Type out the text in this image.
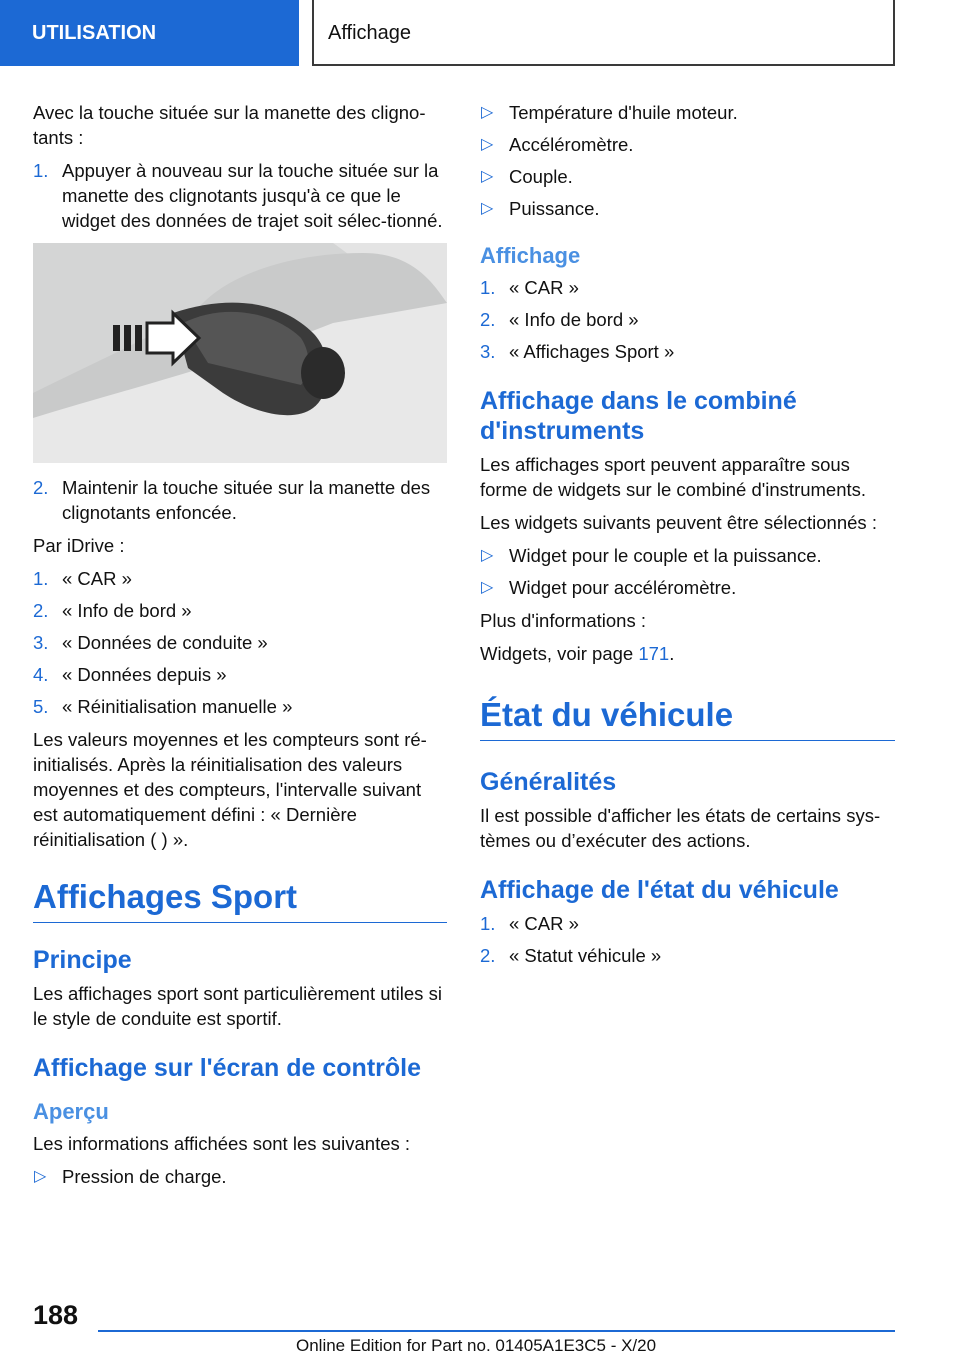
UTILISATION	Affichage

Avec la touche située sur la manette des cligno-tants :

1. Appuyer à nouveau sur la touche située sur la manette des clignotants jusqu'à ce que le widget des données de trajet soit sélec-tionné.
2. Maintenir la touche située sur la manette des clignotants enfoncée.

Par iDrive :

1. « CAR »
2. « Info de bord »
3. « Données de conduite »
4. « Données depuis »
5. « Réinitialisation manuelle »

Les valeurs moyennes et les compteurs sont ré-initialisés. Après la réinitialisation des valeurs moyennes et des compteurs, l'intervalle suivant est automatiquement défini : « Dernière réinitialisation ( ) ».

Affichages Sport
Principe

Les affichages sport sont particulièrement utiles si le style de conduite est sportif.

Affichage sur l'écran de contrôle
Aperçu

Les informations affichées sont les suivantes :

▷ Pression de charge.
▷ Température d'huile moteur.
▷ Accéléromètre.
▷ Couple.
▷ Puissance.
Affichage
1. « CAR »
2. « Info de bord »
3. « Affichages Sport »
Affichage dans le combiné d'instruments

Les affichages sport peuvent apparaître sous forme de widgets sur le combiné d'instruments.

Les widgets suivants peuvent être sélectionnés :

▷ Widget pour le couple et la puissance.
▷ Widget pour accéléromètre.

Plus d'informations :

Widgets, voir page 171.

État du véhicule
Généralités

Il est possible d'afficher les états de certains sys-tèmes ou d’exécuter des actions.

Affichage de l'état du véhicule
1. « CAR »
2. « Statut véhicule »
188
Online Edition for Part no. 01405A1E3C5 - X/20
